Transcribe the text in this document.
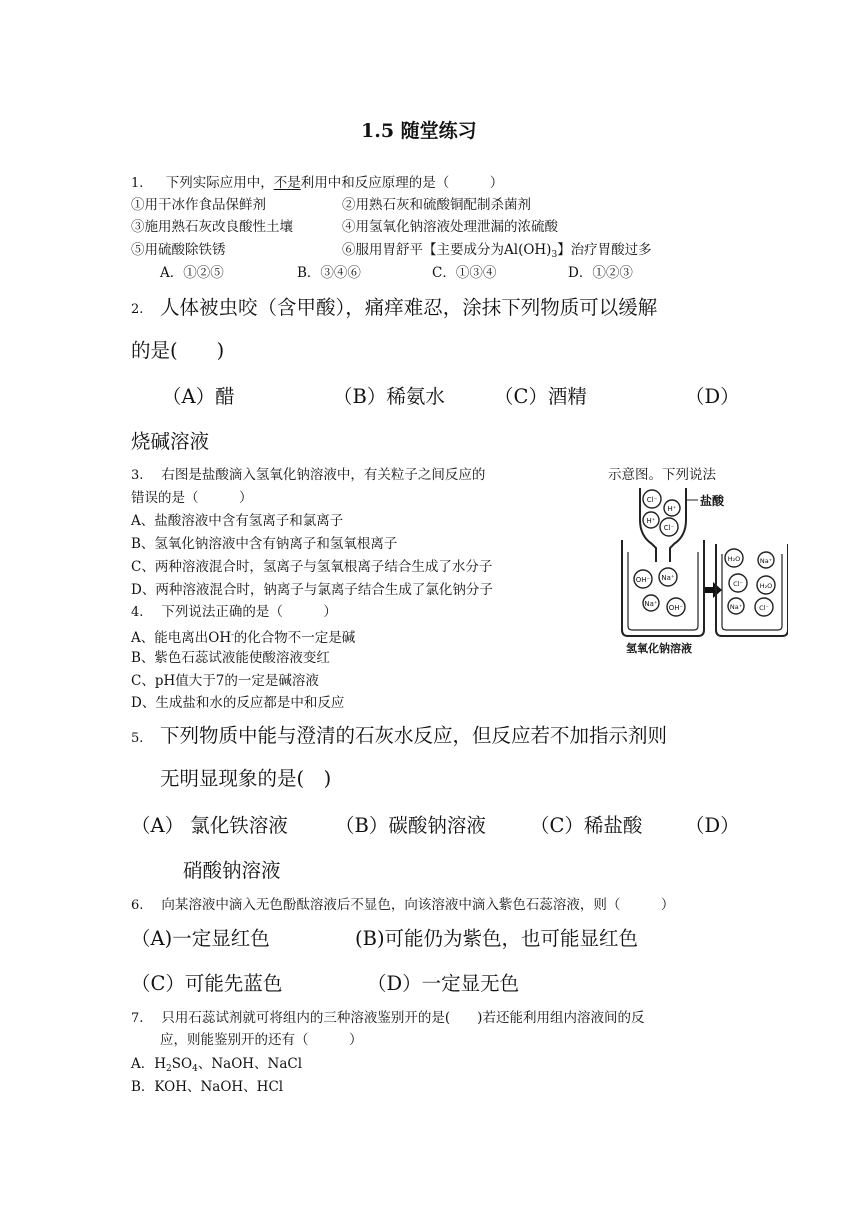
1.5 随堂练习
1. 下列实际应用中，不是利用中和反应原理的是（　　　）
①用干冰作食品保鲜剂	②用熟石灰和硫酸铜配制杀菌剂
③施用熟石灰改良酸性土壤	④用氢氧化钠溶液处理泄漏的浓硫酸
⑤用硫酸除铁锈	⑥服用胃舒平【主要成分为$Al(OH)_3$】治疗胃酸过多
A．①②⑤	B．③④⑥	C．①③④	D．①②③
2. 人体被虫咬（含甲酸），痛痒难忍，涂抹下列物质可以缓解
的是(　　)
（A）醋	（B）稀氨水	（C）酒精	（D）
烧碱溶液
3. 右图是盐酸滴入氢氧化钠溶液中，有关粒子之间反应的	示意图。下列说法
错误的是（　　　）
A、盐酸溶液中含有氢离子和氯离子
B、氢氧化钠溶液中含有钠离子和氢氧根离子
C、两种溶液混合时，氢离子与氢氧根离子结合生成了水分子
D、两种溶液混合时，钠离子与氯离子结合生成了氯化钠分子
盐酸
Cl⁻
H⁺
H⁺
Cl⁻
OH⁻ Na⁺
Na⁺ OH⁻
H₂O	Na⁺
Cl⁻	H₂O
Na⁺	Cl⁻
氢氧化钠溶液
4. 下列说法正确的是（　　　）
A、能电离出OH-的化合物不一定是碱
B、紫色石蕊试液能使酸溶液变红
C、pH值大于7的一定是碱溶液
D、生成盐和水的反应都是中和反应
5. 下列物质中能与澄清的石灰水反应，但反应若不加指示剂则
无明显现象的是(　)
（A） 氯化铁溶液 （B）碳酸钠溶液 （C）稀盐酸 （D）
硝酸钠溶液
6. 向某溶液中滴入无色酚酞溶液后不显色，向该溶液中滴入紫色石蕊溶液，则（　　　）
（A)一定显红色	(B)可能仍为紫色，也可能显红色
（C）可能先蓝色	（D）一定显无色
7. 只用石蕊试剂就可将组内的三种溶液鉴别开的是(　　)若还能利用组内溶液间的反
应，则能鉴别开的还有（　　　）
A．$H_2SO_4$、NaOH、NaCl
B．KOH、NaOH、HCl
